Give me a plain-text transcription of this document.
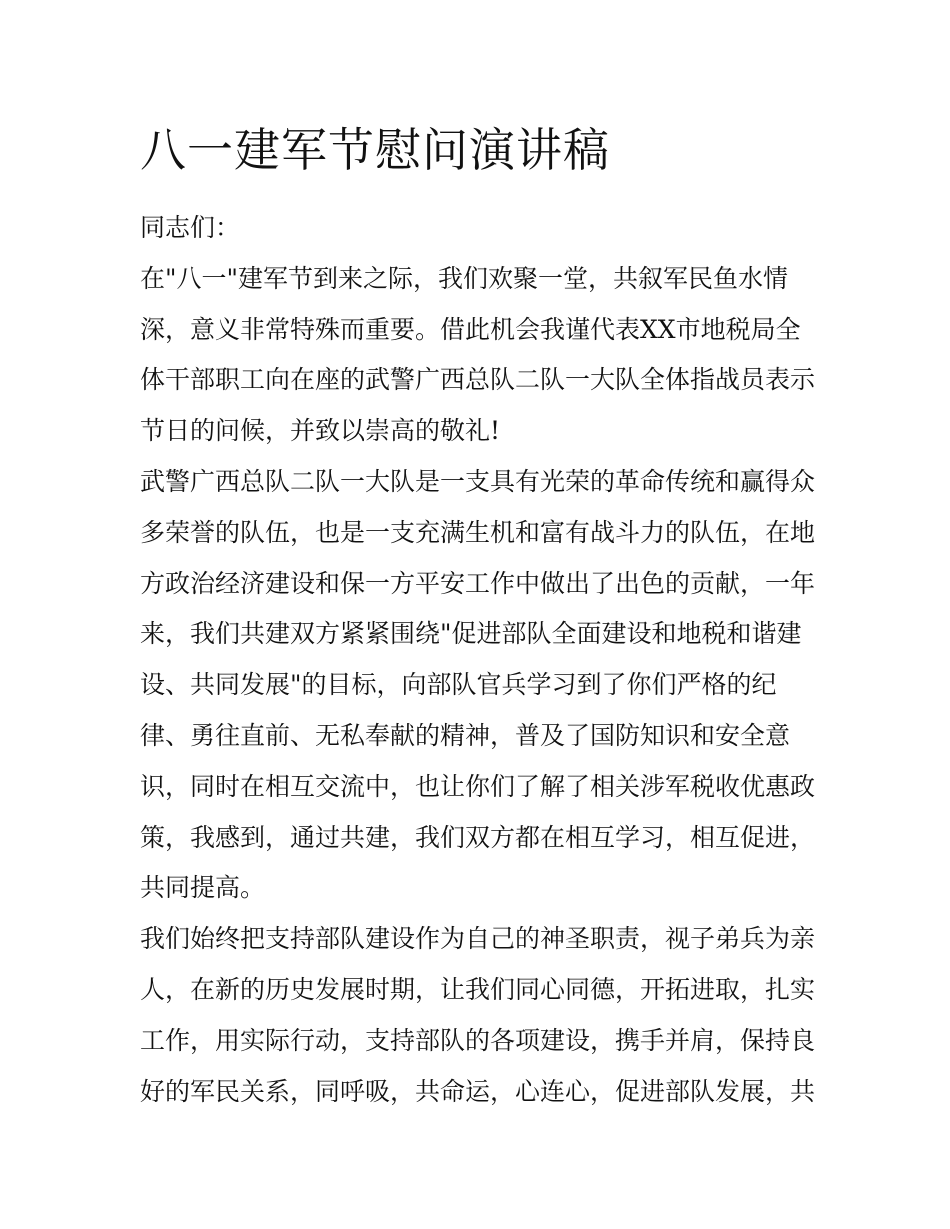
八一建军节慰问演讲稿
同志们：
在"八一"建军节到来之际，我们欢聚一堂，共叙军民鱼水情
深，意义非常特殊而重要。借此机会我谨代表XX市地税局全
体干部职工向在座的武警广西总队二队一大队全体指战员表示
节日的问候，并致以崇高的敬礼!
武警广西总队二队一大队是一支具有光荣的革命传统和赢得众
多荣誉的队伍，也是一支充满生机和富有战斗力的队伍，在地
方政治经济建设和保一方平安工作中做出了出色的贡献，一年
来，我们共建双方紧紧围绕"促进部队全面建设和地税和谐建
设、共同发展"的目标，向部队官兵学习到了你们严格的纪
律、勇往直前、无私奉献的精神，普及了国防知识和安全意
识，同时在相互交流中，也让你们了解了相关涉军税收优惠政
策，我感到，通过共建，我们双方都在相互学习，相互促进，
共同提高。
我们始终把支持部队建设作为自己的神圣职责，视子弟兵为亲
人，在新的历史发展时期，让我们同心同德，开拓进取，扎实
工作，用实际行动，支持部队的各项建设，携手并肩，保持良
好的军民关系，同呼吸，共命运，心连心，促进部队发展，共
